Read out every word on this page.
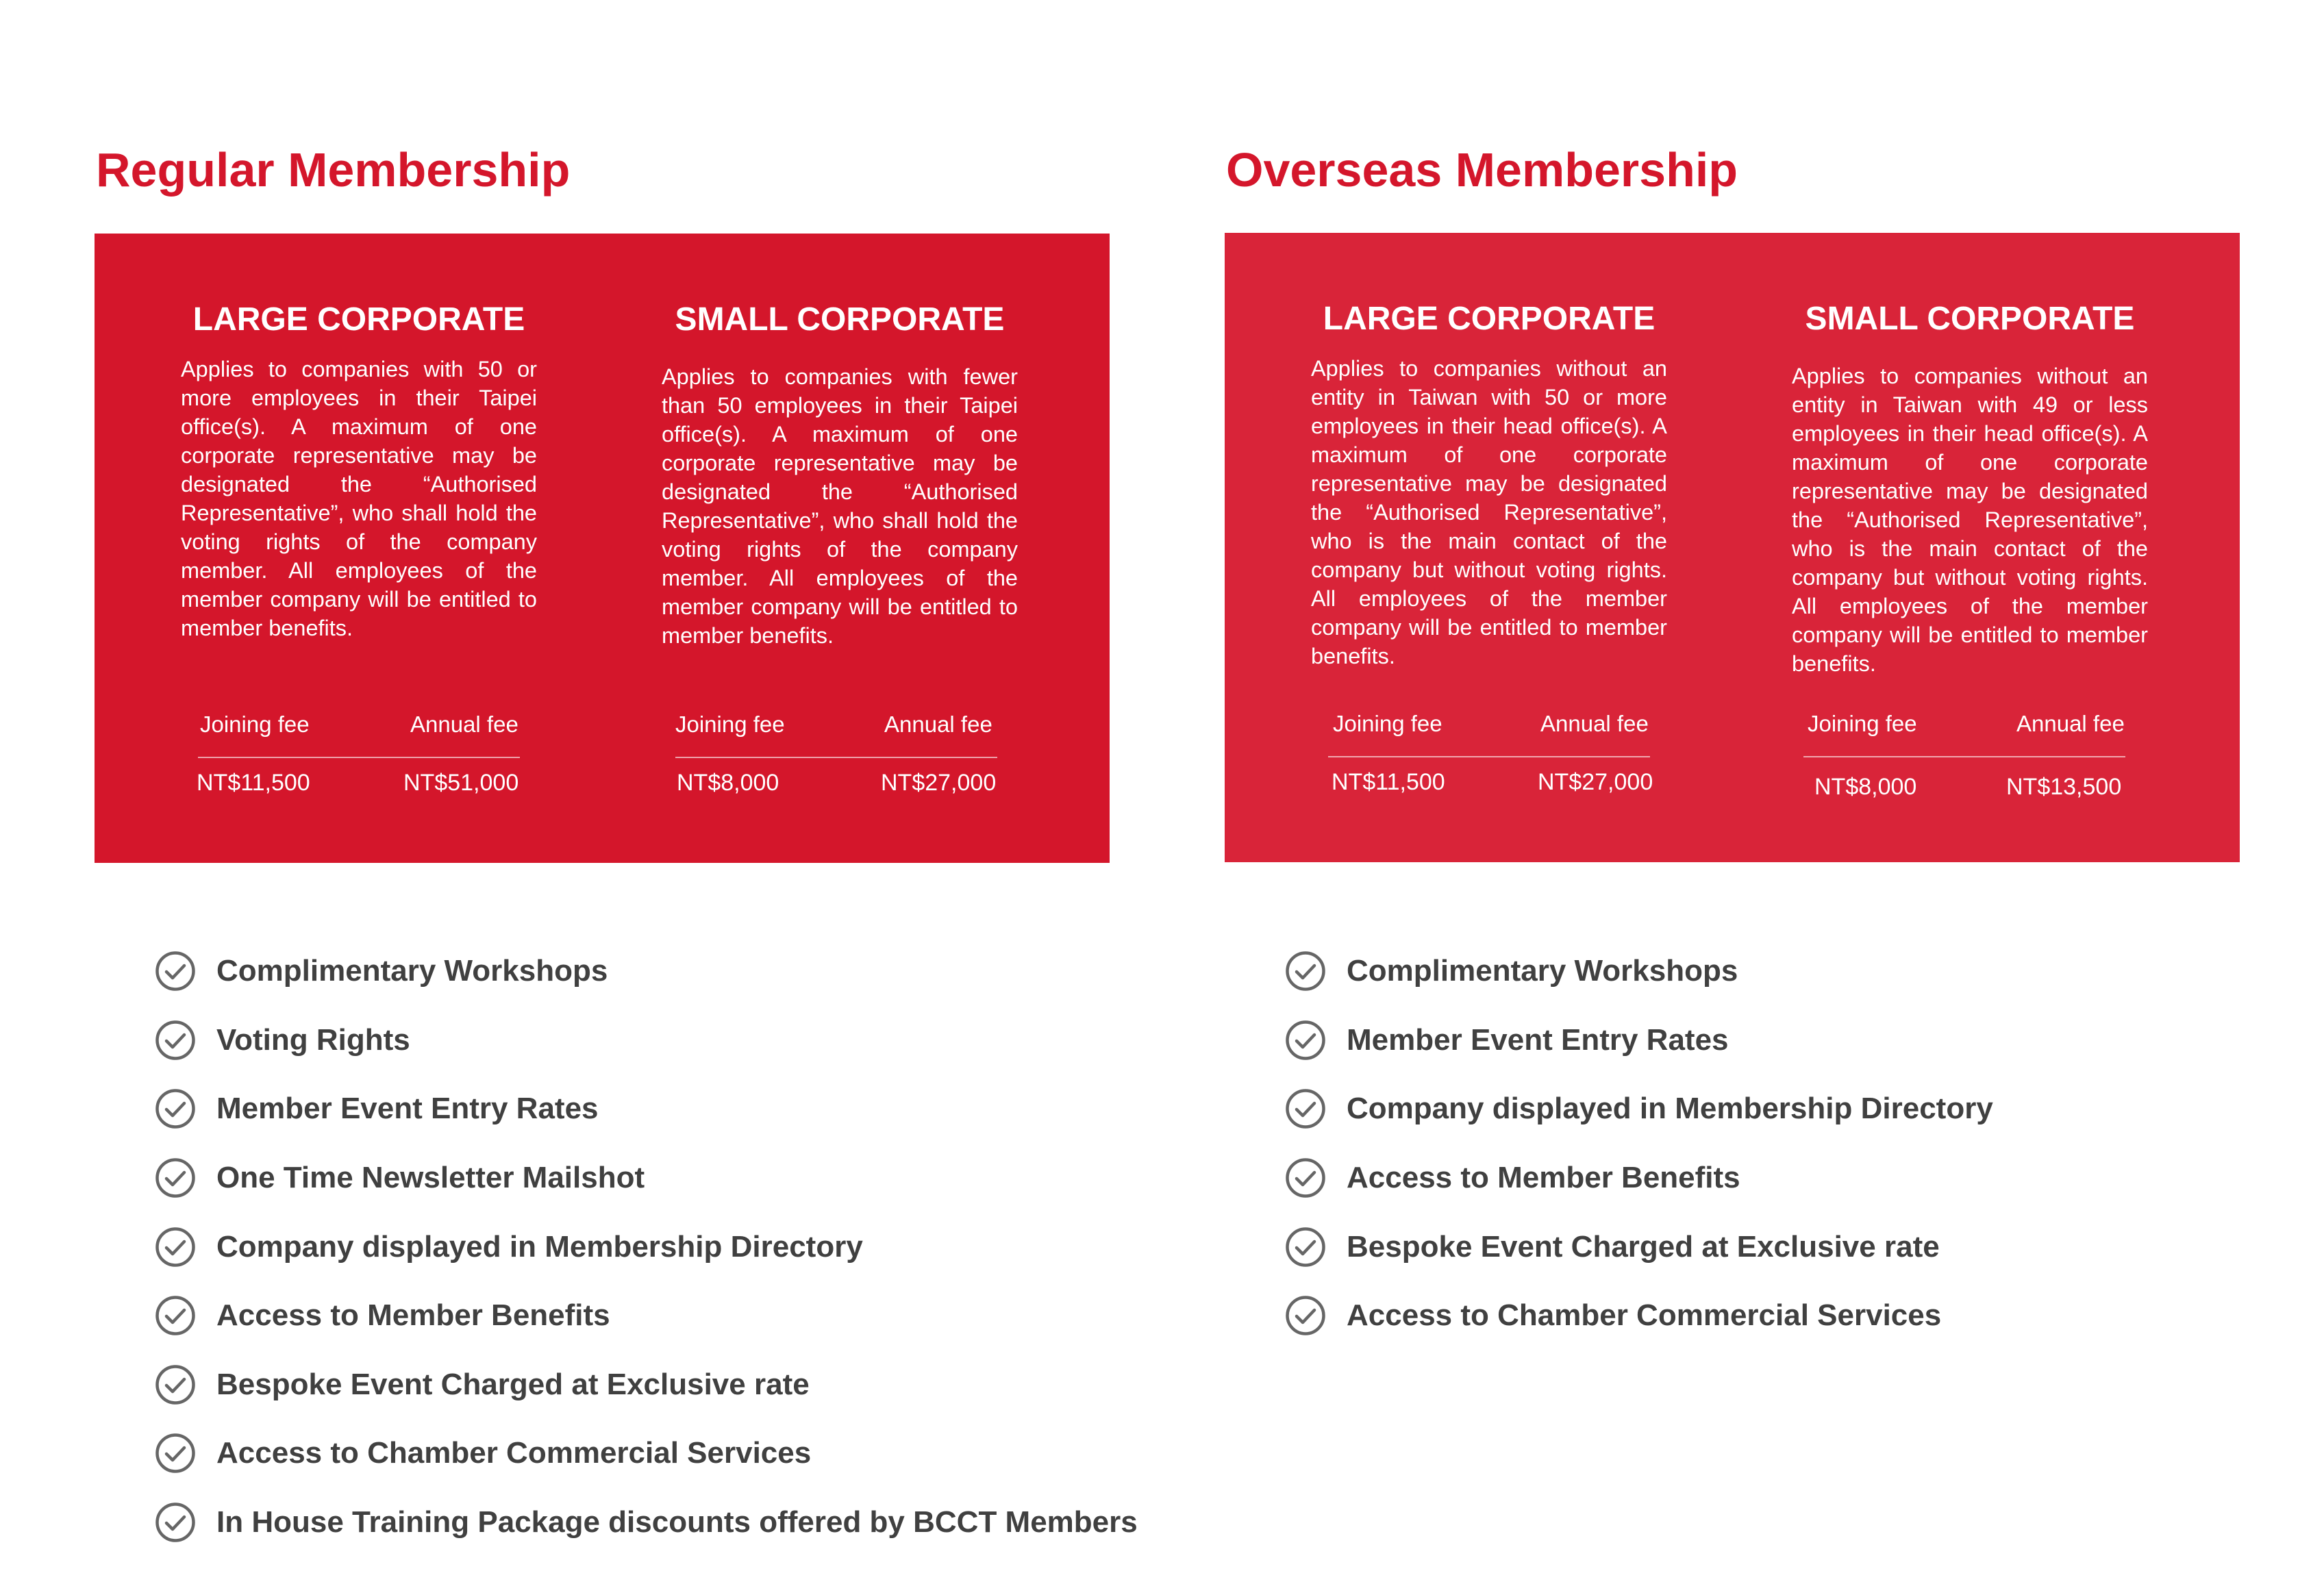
Regular Membership
LARGE CORPORATE
Applies to companies with 50 or more employees in their Taipei office(s). A maximum of one corporate representative may be designated the “Authorised Representative”, who shall hold the voting rights of the company member. All employees of the member company will be entitled to member benefits.
Joining fee	Annual fee
NT$11,500	NT$51,000
SMALL CORPORATE
Applies to companies with fewer than 50 employees in their Taipei office(s). A maximum of one corporate representative may be designated the “Authorised Representative”, who shall hold the voting rights of the company member. All employees of the member company will be entitled to member benefits.
Joining fee	Annual fee
NT$8,000	NT$27,000
Complimentary Workshops
Voting Rights
Member Event Entry Rates
One Time Newsletter Mailshot
Company displayed in Membership Directory
Access to Member Benefits
Bespoke Event Charged at Exclusive rate
Access to Chamber Commercial Services
In House Training Package discounts offered by BCCT Members
Overseas Membership
LARGE CORPORATE
Applies to companies without an entity in Taiwan with 50 or more employees in their head office(s). A maximum of one corporate representative may be designated the “Authorised Representative”, who is the main contact of the company but without voting rights. All employees of the member company will be entitled to member benefits.
Joining fee	Annual fee
NT$11,500	NT$27,000
SMALL CORPORATE
Applies to companies without an entity in Taiwan with 49 or less employees in their head office(s). A maximum of one corporate representative may be designated the “Authorised Representative”, who is the main contact of the company but without voting rights. All employees of the member company will be entitled to member benefits.
Joining fee	Annual fee
NT$8,000	NT$13,500
Complimentary Workshops
Member Event Entry Rates
Company displayed in Membership Directory
Access to Member Benefits
Bespoke Event Charged at Exclusive rate
Access to Chamber Commercial Services
